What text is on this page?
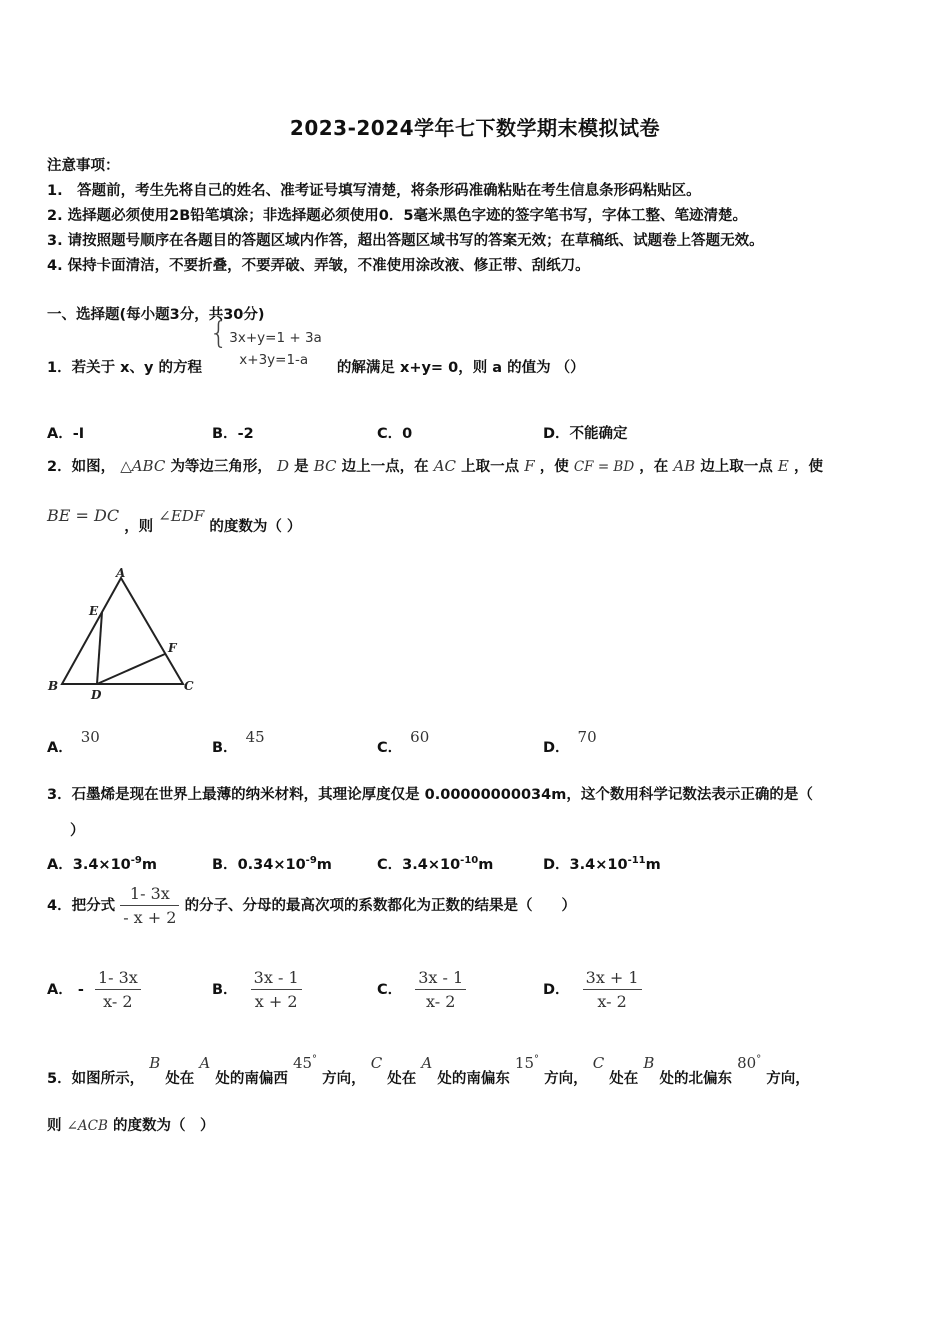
2023-2024学年七下数学期末模拟试卷
注意事项：
1.　答题前，考生先将自己的姓名、准考证号填写清楚，将条形码准确粘贴在考生信息条形码粘贴区。
2. 选择题必须使用2B铅笔填涂；非选择题必须使用0．5毫米黑色字迹的签字笔书写，字体工整、笔迹清楚。
3. 请按照题号顺序在各题目的答题区域内作答，超出答题区域书写的答案无效；在草稿纸、试题卷上答题无效。
4. 保持卡面清洁，不要折叠，不要弄破、弄皱，不准使用涂改液、修正带、刮纸刀。
一、选择题(每小题3分，共30分)
1．若关于 x、y 的方程 { 3x+y=1 + 3a
x+3y=1-a	的解满足 x+y= 0，则 a 的值为 （）
A．-I	B．-2	C．0	D．不能确定
2．如图， △ABC 为等边三角形， D 是 BC 边上一点，在 AC 上取一点 F ，使 CF = BD ，在 AB 边上取一点 E ，使
BE = DC ，则 ∠EDF 的度数为（ ）
A
E
F
B
D
C
A．30
B．45
C．60
D．70
3．石墨烯是现在世界上最薄的纳米材料，其理论厚度仅是 0.00000000034m，这个数用科学记数法表示正确的是（
）
A．$3.4\times 10^{-9}m$	B．$0.34\times 10^{-9}m$	C．$3.4\times 10^{-10}m$	D．$3.4\times 10^{-11}m$
4．把分式 $\frac{1- 3x}{- x + 2}$ 的分子、分母的最高次项的系数都化为正数的结果是（　　）
A． - $\frac{1- 3x}{x- 2}$	B． $\frac{3x - 1}{x + 2}$	C． $\frac{3x - 1}{x- 2}$	D． $\frac{3x + 1}{x- 2}$
5．如图所示， B 处在 A 处的南偏西 45° 方向， C 处在 A 处的南偏东 15° 方向， C 处在 B 处的北偏东 80° 方向，
则 ∠ACB 的度数为（　）
